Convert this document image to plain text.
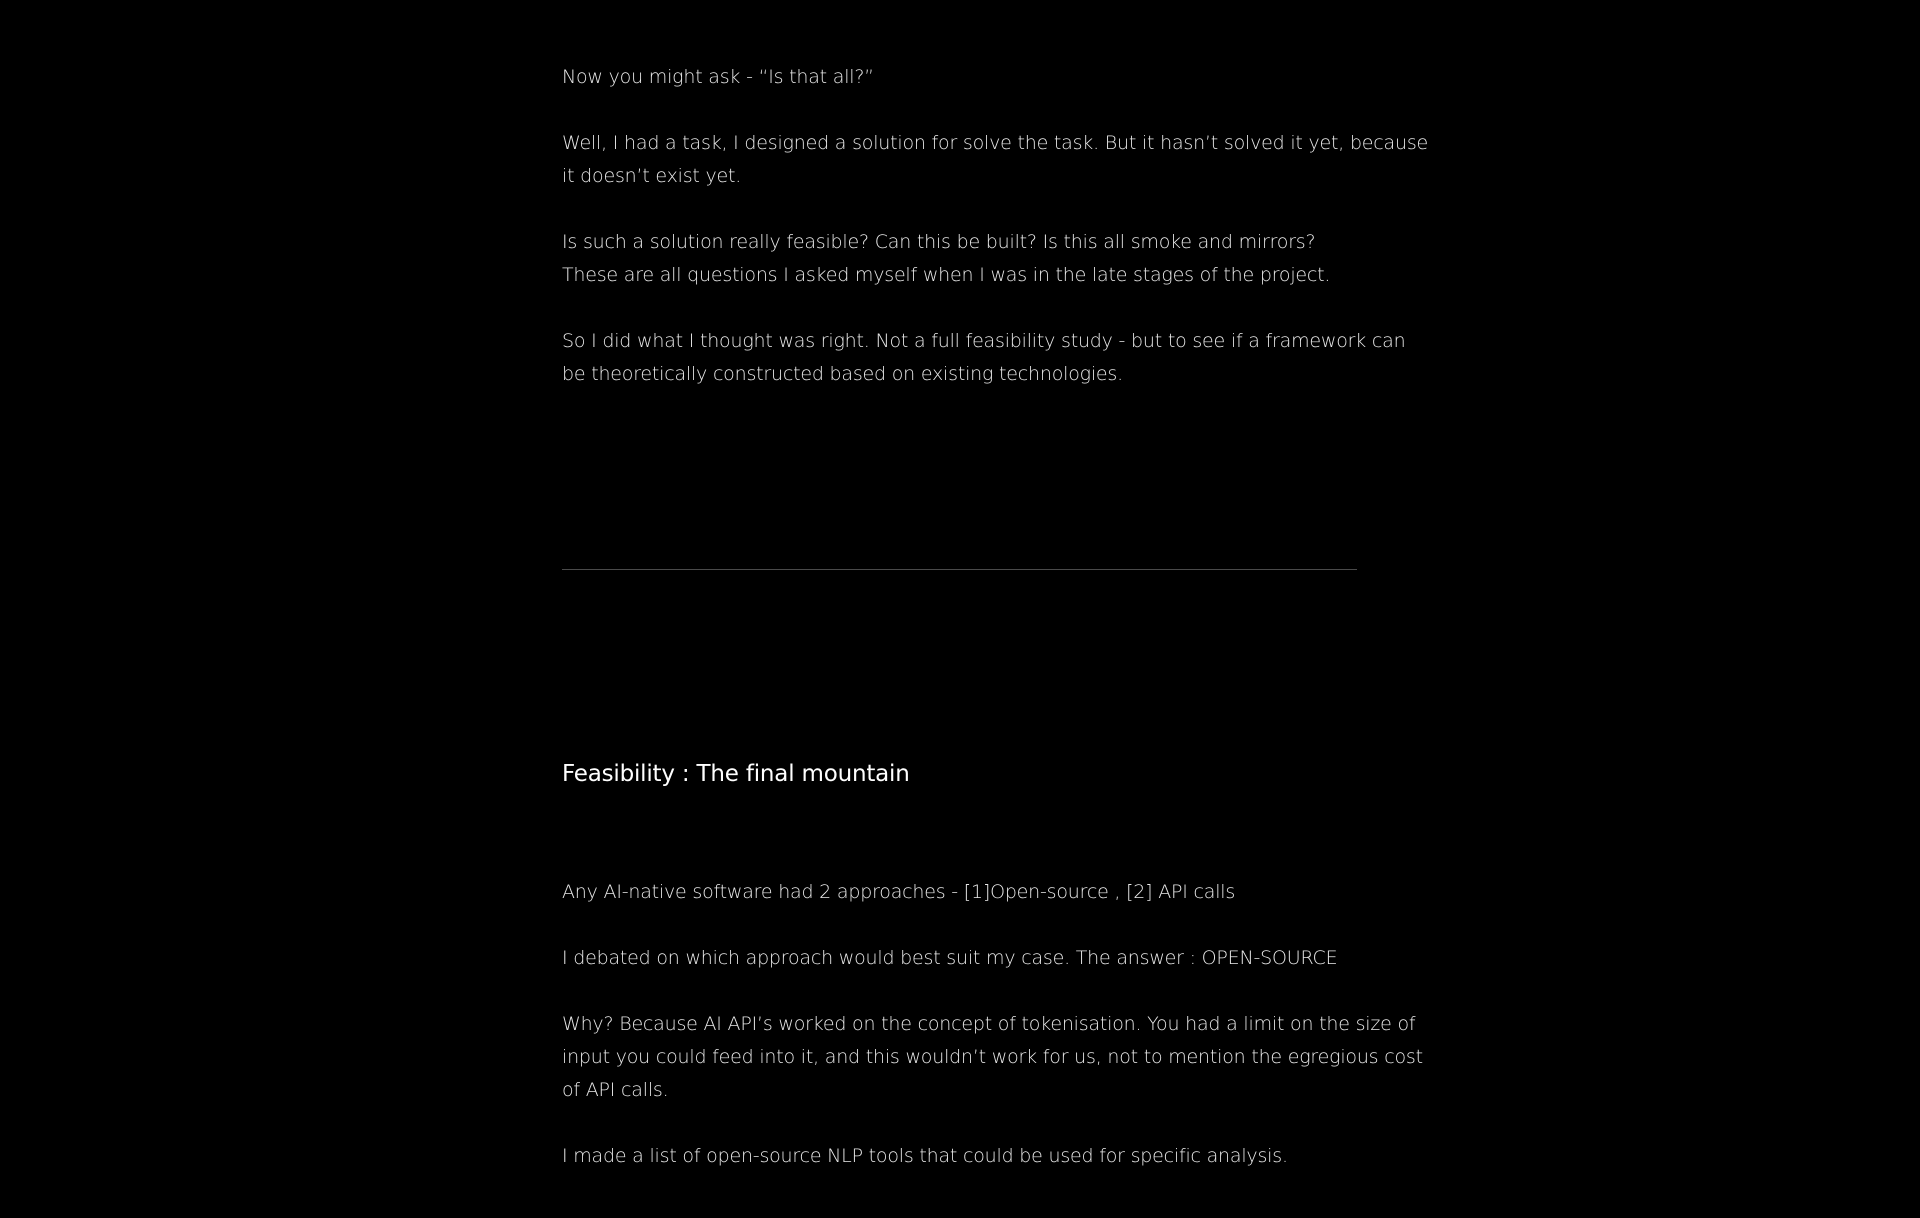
Now you might ask - “Is that all?”

Well, I had a task, I designed a solution for solve the task. But it hasn’t solved it yet, because
it doesn’t exist yet.

Is such a solution really feasible? Can this be built? Is this all smoke and mirrors?
These are all questions I asked myself when I was in the late stages of the project.

So I did what I thought was right. Not a full feasibility study - but to see if a framework can
be theoretically constructed based on existing technologies.

Feasibility : The final mountain

Any AI-native software had 2 approaches - [1]Open-source , [2] API calls

I debated on which approach would best suit my case. The answer : OPEN-SOURCE

Why? Because AI API’s worked on the concept of tokenisation. You had a limit on the size of
input you could feed into it, and this wouldn’t work for us, not to mention the egregious cost
of API calls.

I made a list of open-source NLP tools that could be used for specific analysis.
